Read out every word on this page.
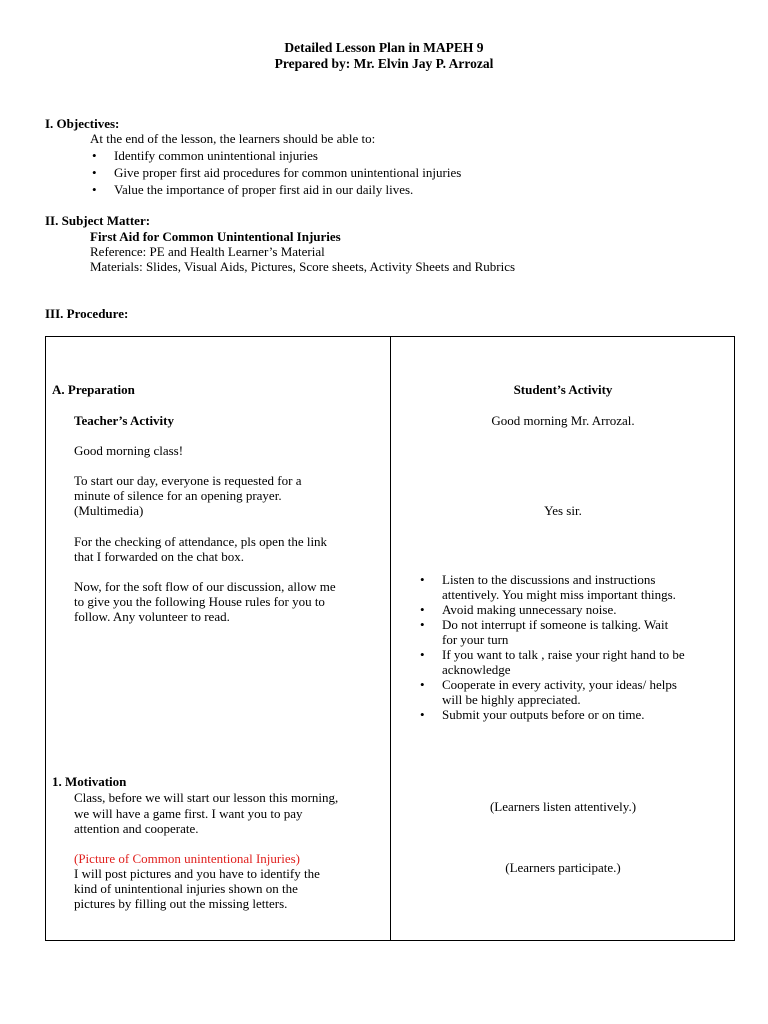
Detailed Lesson Plan in MAPEH 9
Prepared by: Mr. Elvin Jay P. Arrozal
I. Objectives:
At the end of the lesson, the learners should be able to:
• Identify common unintentional injuries
• Give proper first aid procedures for common unintentional injuries
• Value the importance of proper first aid in our daily lives.
II. Subject Matter:
First Aid for Common Unintentional Injuries
Reference: PE and Health Learner’s Material
Materials: Slides, Visual Aids, Pictures, Score sheets, Activity Sheets and Rubrics
III. Procedure:
A. Preparation
Teacher’s Activity
Good morning class!
To start our day, everyone is requested for a
minute of silence for an opening prayer.
(Multimedia)
For the checking of attendance, pls open the link
that I forwarded on the chat box.
Now, for the soft flow of our discussion, allow me
to give you the following House rules for you to
follow. Any volunteer to read.
1. Motivation
Class, before we will start our lesson this morning,
we will have a game first. I want you to pay
attention and cooperate.
(Picture of Common unintentional Injuries)
I will post pictures and you have to identify the
kind of unintentional injuries shown on the
pictures by filling out the missing letters.
Student’s Activity
Good morning Mr. Arrozal.
Yes sir.
• Listen to the discussions and instructions
attentively. You might miss important things.
• Avoid making unnecessary noise.
• Do not interrupt if someone is talking. Wait
for your turn
• If you want to talk , raise your right hand to be
acknowledge
• Cooperate in every activity, your ideas/ helps
will be highly appreciated.
• Submit your outputs before or on time.
(Learners listen attentively.)
(Learners participate.)
